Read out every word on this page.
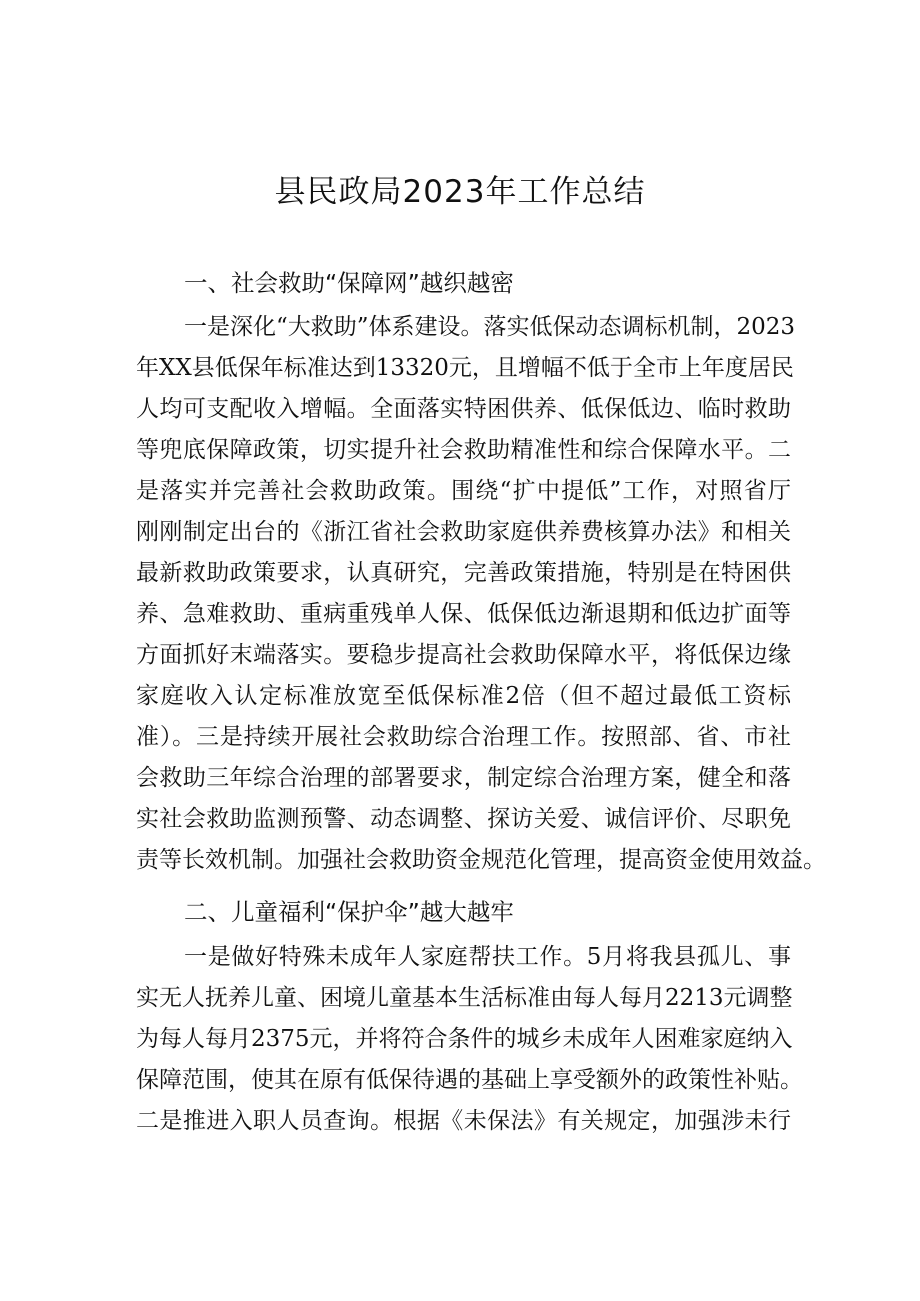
县民政局2023年工作总结
一、社会救助“保障网”越织越密
一是深化“大救助”体系建设。落实低保动态调标机制，2023
年XX县低保年标准达到13320元，且增幅不低于全市上年度居民
人均可支配收入增幅。全面落实特困供养、低保低边、临时救助
等兜底保障政策，切实提升社会救助精准性和综合保障水平。二
是落实并完善社会救助政策。围绕“扩中提低”工作，对照省厅
刚刚制定出台的《浙江省社会救助家庭供养费核算办法》和相关
最新救助政策要求，认真研究，完善政策措施，特别是在特困供
养、急难救助、重病重残单人保、低保低边渐退期和低边扩面等
方面抓好末端落实。要稳步提高社会救助保障水平，将低保边缘
家庭收入认定标准放宽至低保标准2倍（但不超过最低工资标
准）。三是持续开展社会救助综合治理工作。按照部、省、市社
会救助三年综合治理的部署要求，制定综合治理方案，健全和落
实社会救助监测预警、动态调整、探访关爱、诚信评价、尽职免
责等长效机制。加强社会救助资金规范化管理，提高资金使用效益。
二、儿童福利“保护伞”越大越牢
一是做好特殊未成年人家庭帮扶工作。5月将我县孤儿、事
实无人抚养儿童、困境儿童基本生活标准由每人每月2213元调整
为每人每月2375元，并将符合条件的城乡未成年人困难家庭纳入
保障范围，使其在原有低保待遇的基础上享受额外的政策性补贴。
二是推进入职人员查询。根据《未保法》有关规定，加强涉未行
